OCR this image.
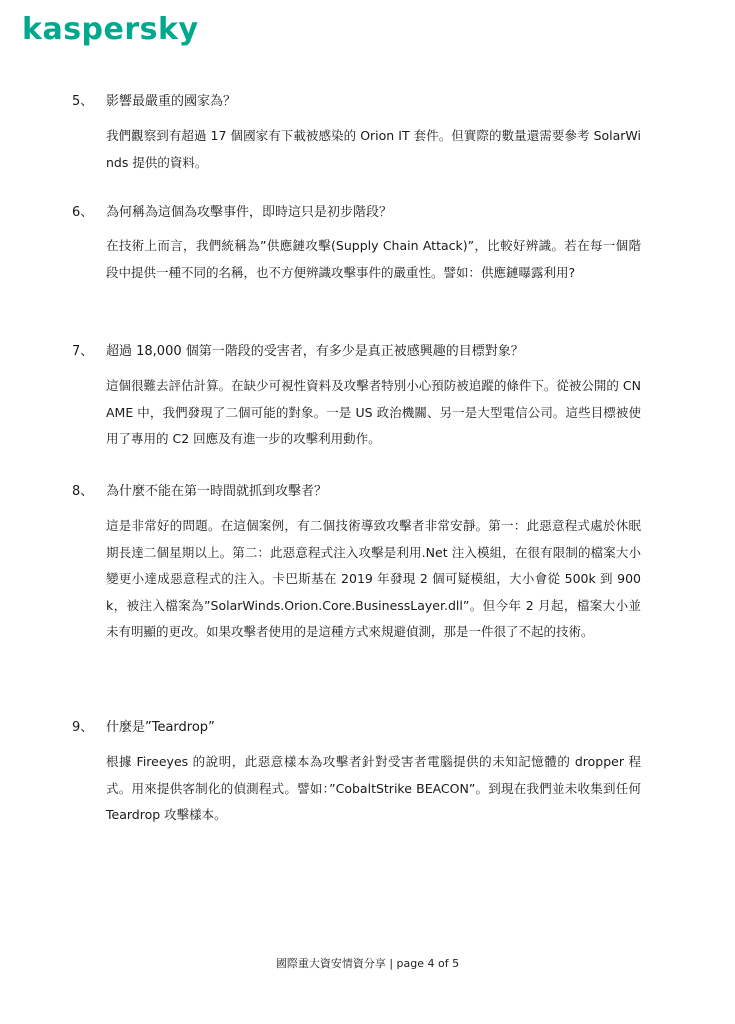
kaspersky
5、 影響最嚴重的國家為？
我們觀察到有超過 17 個國家有下載被感染的 Orion IT 套件。但實際的數量還需要參考 SolarWinds 提供的資料。
6、 為何稱為這個為攻擊事件，即時這只是初步階段？
在技術上而言，我們統稱為”供應鏈攻擊(Supply Chain Attack)”，比較好辨識。若在每一個階段中提供一種不同的名稱，也不方便辨識攻擊事件的嚴重性。譬如：供應鏈曝露利用?
7、 超過 18,000 個第一階段的受害者，有多少是真正被感興趣的目標對象？
這個很難去評估計算。在缺少可視性資料及攻擊者特別小心預防被追蹤的條件下。從被公開的 CNAME 中，我們發現了二個可能的對象。一是 US 政治機關、另一是大型電信公司。這些目標被使用了專用的 C2 回應及有進一步的攻擊利用動作。
8、 為什麼不能在第一時間就抓到攻擊者？
這是非常好的問題。在這個案例，有二個技術導致攻擊者非常安靜。第一：此惡意程式處於休眠期長達二個星期以上。第二：此惡意程式注入攻擊是利用.Net 注入模組，在很有限制的檔案大小變更小達成惡意程式的注入。卡巴斯基在 2019 年發現 2 個可疑模組，大小會從 500k 到 900k，被注入檔案為”SolarWinds.Orion.Core.BusinessLayer.dll”。但今年 2 月起，檔案大小並未有明顯的更改。如果攻擊者使用的是這種方式來規避偵測，那是一件很了不起的技術。
9、 什麼是”Teardrop”
根據 Fireeyes 的說明，此惡意樣本為攻擊者針對受害者電腦提供的未知記憶體的 dropper 程式。用來提供客制化的偵測程式。譬如：”CobaltStrike BEACON”。到現在我們並未收集到任何 Teardrop 攻擊樣本。
國際重大資安情資分享 | page 4 of 5
